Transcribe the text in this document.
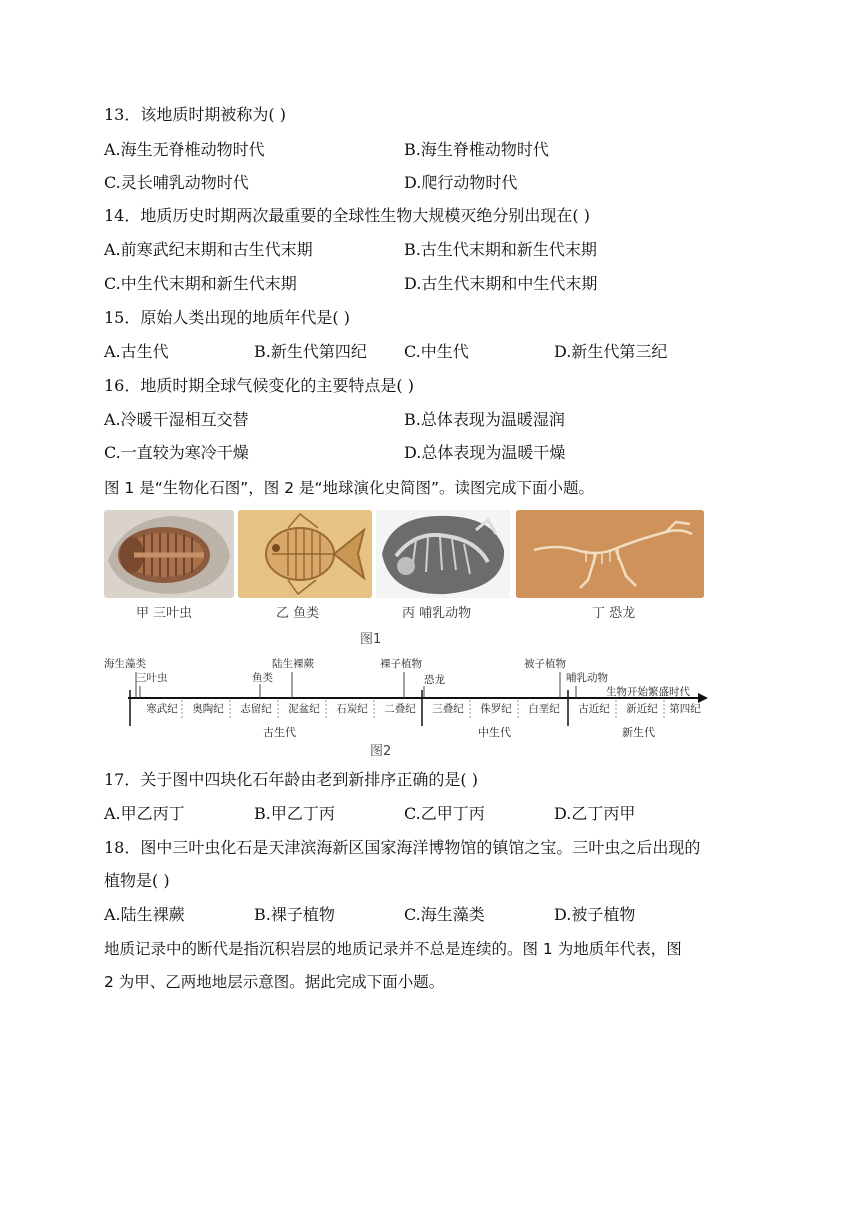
13．该地质时期被称为( )
A.海生无脊椎动物时代	B.海生脊椎动物时代
C.灵长哺乳动物时代	D.爬行动物时代
14．地质历史时期两次最重要的全球性生物大规模灭绝分别出现在( )
A.前寒武纪末期和古生代末期	B.古生代末期和新生代末期
C.中生代末期和新生代末期	D.古生代末期和中生代末期
15．原始人类出现的地质年代是( )
A.古生代	B.新生代第四纪 C.中生代	D.新生代第三纪
16．地质时期全球气候变化的主要特点是( )
A.冷暖干湿相互交替	B.总体表现为温暖湿润
C.一直较为寒冷干燥	D.总体表现为温暖干燥
图 1 是“生物化石图”，图 2 是“地球演化史简图”。读图完成下面小题。
甲 三叶虫	乙 鱼类	丙 哺乳动物	丁 恐龙
图1
海生藻类
三叶虫
陆生裸蕨
鱼类
裸子植物
恐龙
被子植物
哺乳动物
生物开始繁盛时代
寒武纪	奥陶纪	志留纪	泥盆纪	石炭纪	二叠纪	三叠纪	侏罗纪	白垩纪	古近纪	新近纪	第四纪
古生代	中生代	新生代
图2
17．关于图中四块化石年龄由老到新排序正确的是( )
A.甲乙丙丁	B.甲乙丁丙	C.乙甲丁丙	D.乙丁丙甲
18．图中三叶虫化石是天津滨海新区国家海洋博物馆的镇馆之宝。三叶虫之后出现的
植物是( )
A.陆生裸蕨	B.裸子植物	C.海生藻类	D.被子植物
地质记录中的断代是指沉积岩层的地质记录并不总是连续的。图 1 为地质年代表，图
2 为甲、乙两地地层示意图。据此完成下面小题。
